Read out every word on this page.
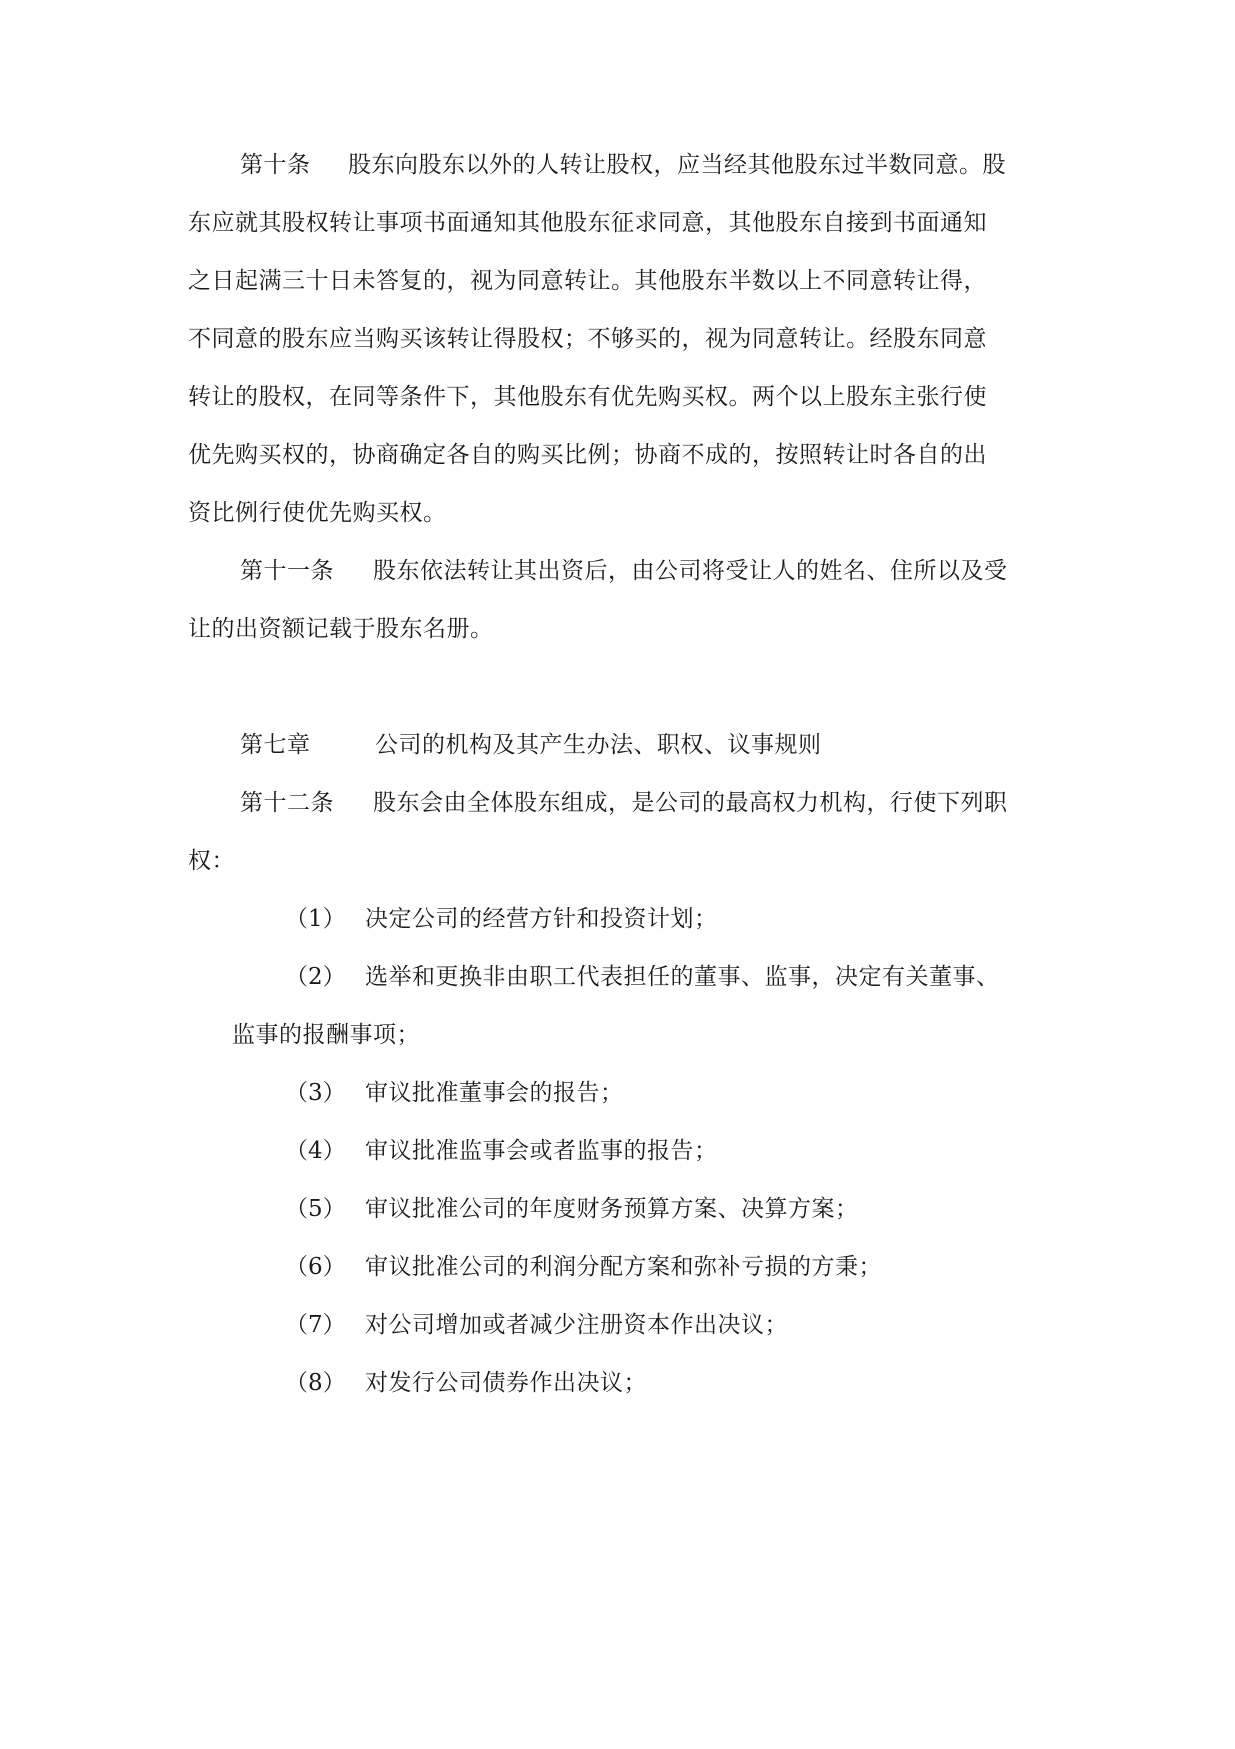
第十条 股东向股东以外的人转让股权，应当经其他股东过半数同意。股
东应就其股权转让事项书面通知其他股东征求同意，其他股东自接到书面通知
之日起满三十日未答复的，视为同意转让。其他股东半数以上不同意转让得，
不同意的股东应当购买该转让得股权；不够买的，视为同意转让。经股东同意
转让的股权，在同等条件下，其他股东有优先购买权。两个以上股东主张行使
优先购买权的，协商确定各自的购买比例；协商不成的，按照转让时各自的出
资比例行使优先购买权。
第十一条 股东依法转让其出资后，由公司将受让人的姓名、住所以及受
让的出资额记载于股东名册。
第七章	公司的机构及其产生办法、职权、议事规则
第十二条 股东会由全体股东组成，是公司的最高权力机构，行使下列职
权：
（1） 决定公司的经营方针和投资计划；
（2） 选举和更换非由职工代表担任的董事、监事，决定有关董事、
监事的报酬事项；
（3） 审议批准董事会的报告；
（4） 审议批准监事会或者监事的报告；
（5） 审议批准公司的年度财务预算方案、决算方案；
（6） 审议批准公司的利润分配方案和弥补亏损的方秉；
（7） 对公司增加或者减少注册资本作出决议；
（8） 对发行公司债券作出决议；
